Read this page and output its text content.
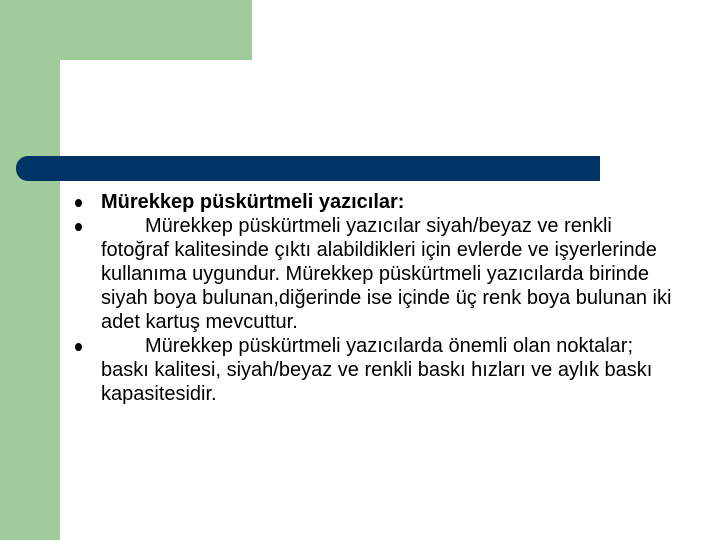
Mürekkep püskürtmeli yazıcılar:
Mürekkep püskürtmeli yazıcılar siyah/beyaz ve renkli fotoğraf kalitesinde çıktı alabildikleri için evlerde ve işyerlerinde kullanıma uygundur. Mürekkep püskürtmeli yazıcılarda birinde siyah boya bulunan,diğerinde ise içinde üç renk boya bulunan iki adet kartuş mevcuttur.
Mürekkep püskürtmeli yazıcılarda önemli olan noktalar; baskı kalitesi, siyah/beyaz ve renkli baskı hızları ve aylık baskı kapasitesidir.
